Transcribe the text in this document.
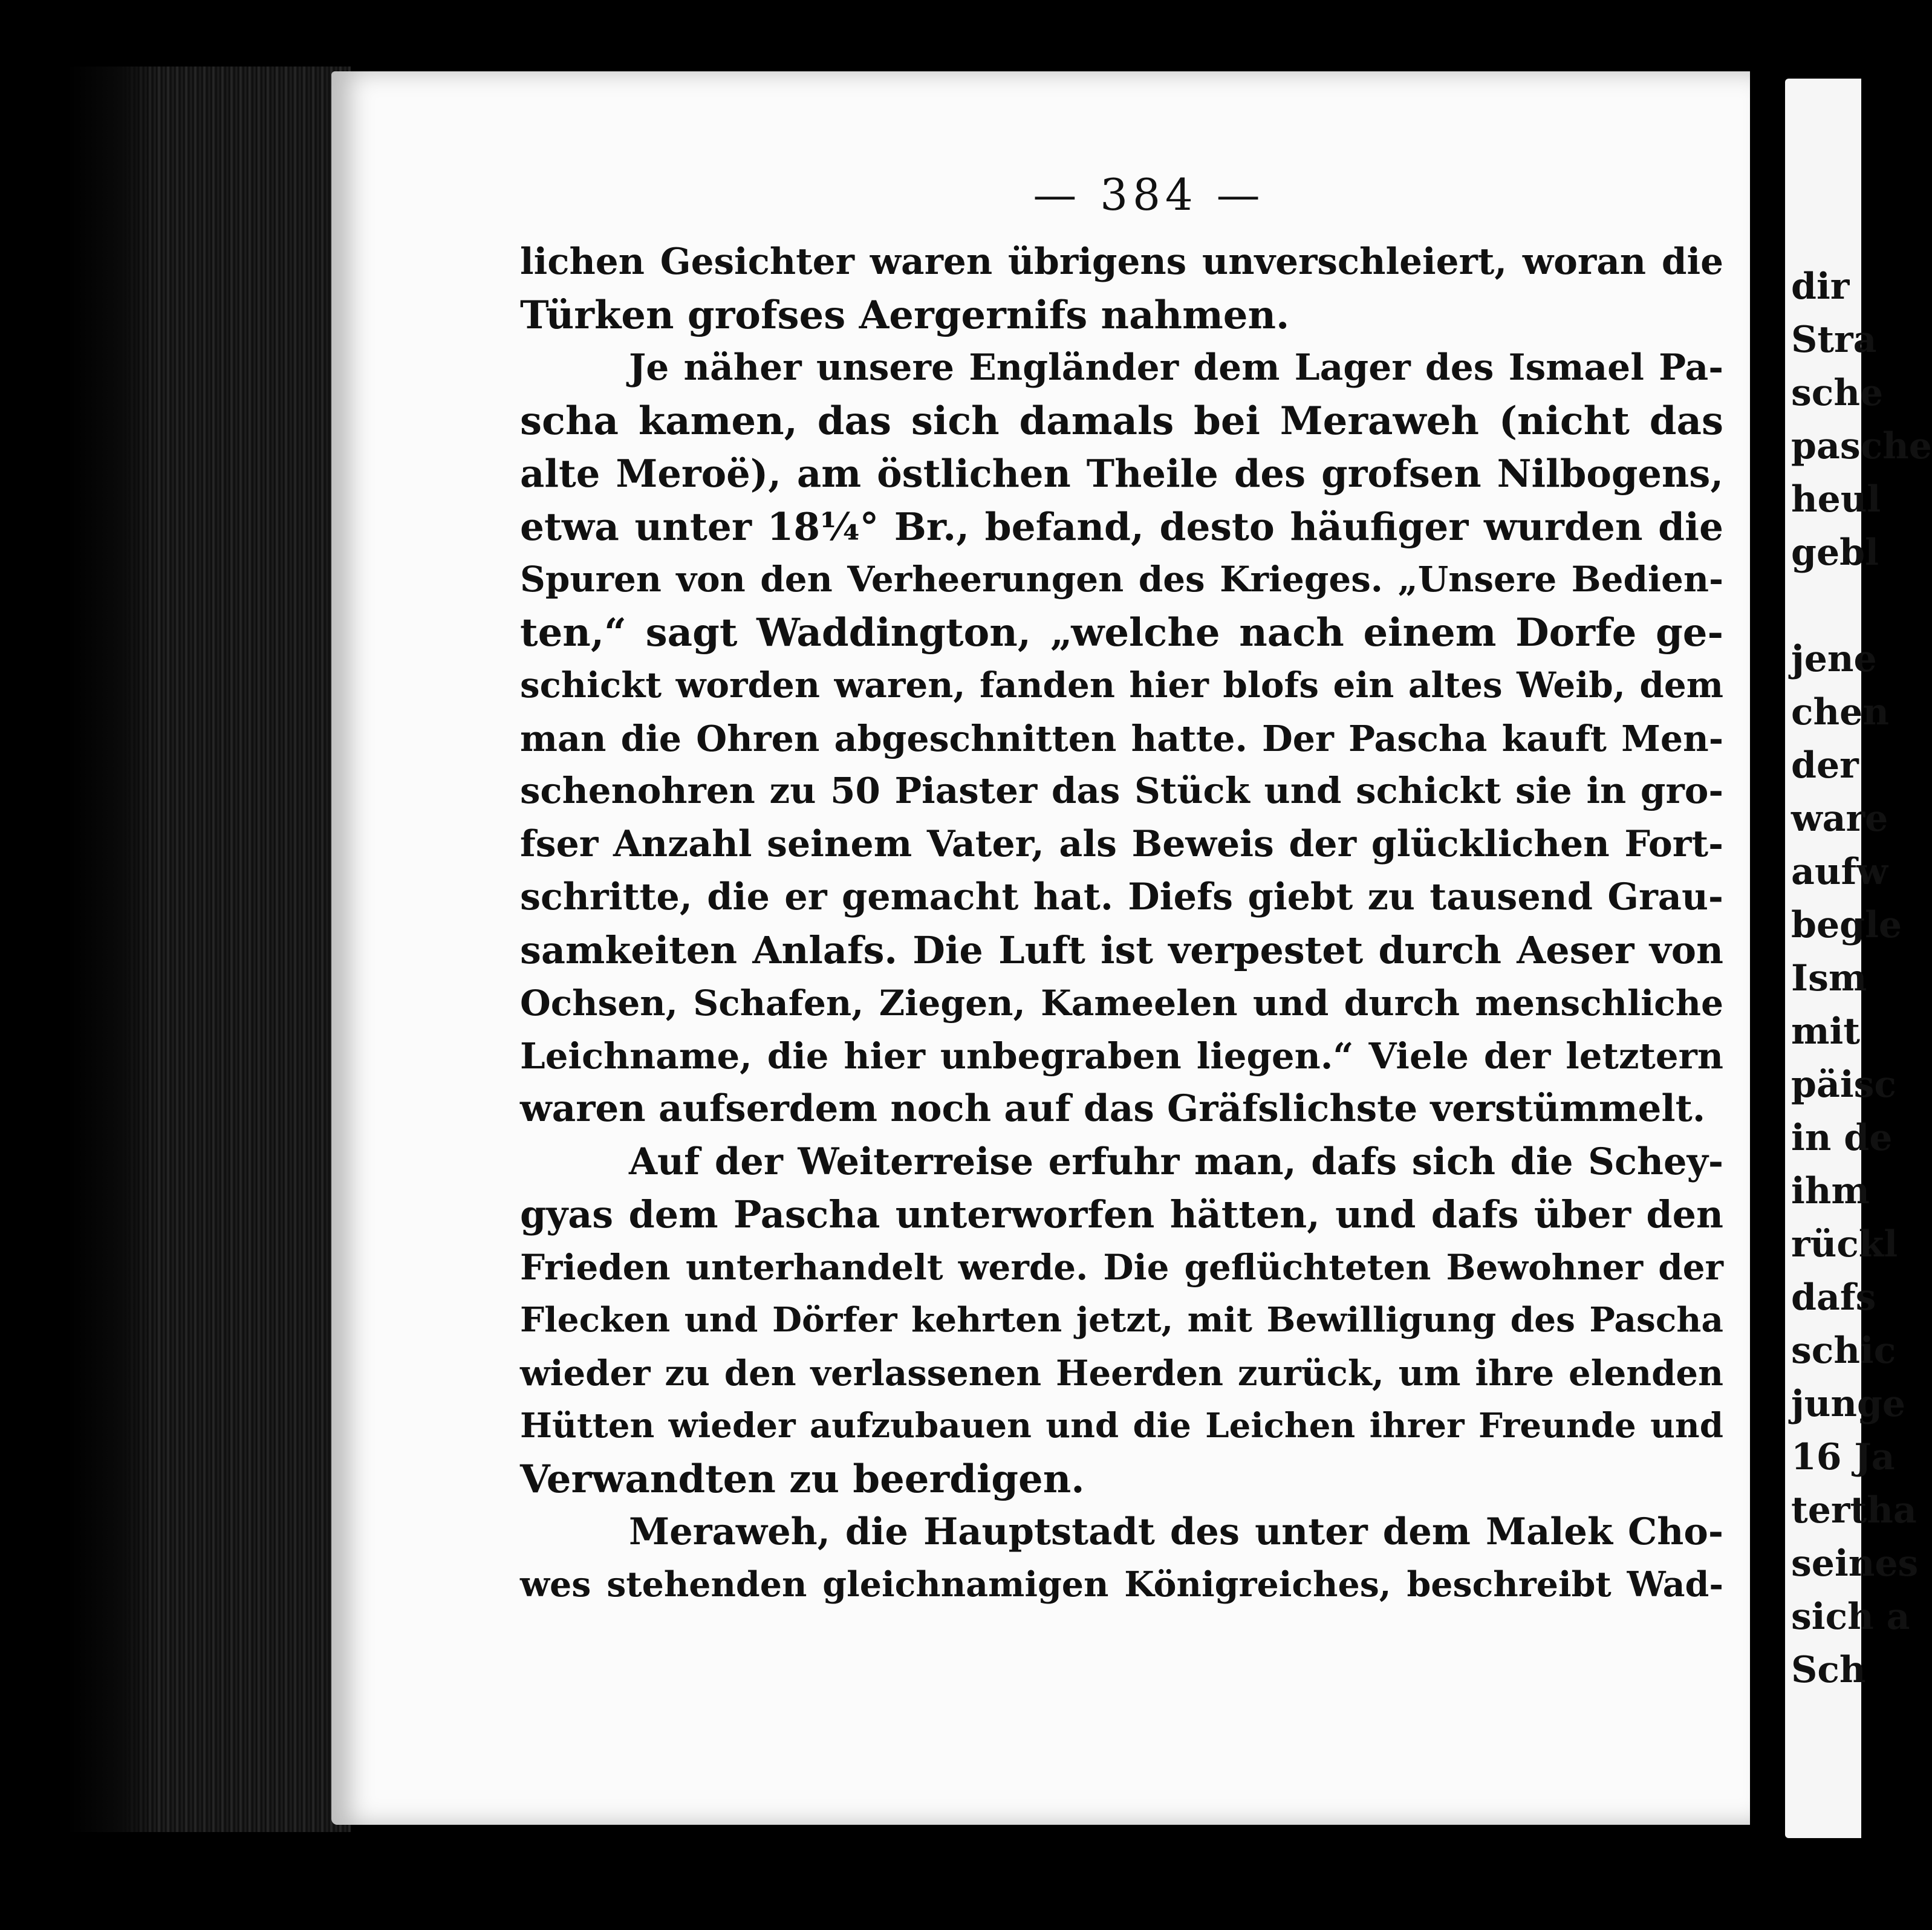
— 384 —
lichen Gesichter waren übrigens unverschleiert, woran die
Türken grofses Aergernifs nahmen.
Je näher unsere Engländer dem Lager des Ismael Pa-
scha kamen, das sich damals bei Meraweh (nicht das
alte Meroë), am östlichen Theile des grofsen Nilbogens,
etwa unter 18¼° Br., befand, desto häufiger wurden die
Spuren von den Verheerungen des Krieges. „Unsere Bedien-
ten,“ sagt Waddington, „welche nach einem Dorfe ge-
schickt worden waren, fanden hier blofs ein altes Weib, dem
man die Ohren abgeschnitten hatte. Der Pascha kauft Men-
schenohren zu 50 Piaster das Stück und schickt sie in gro-
fser Anzahl seinem Vater, als Beweis der glücklichen Fort-
schritte, die er gemacht hat. Diefs giebt zu tausend Grau-
samkeiten Anlafs. Die Luft ist verpestet durch Aeser von
Ochsen, Schafen, Ziegen, Kameelen und durch menschliche
Leichname, die hier unbegraben liegen.“ Viele der letztern
waren aufserdem noch auf das Gräfslichste verstümmelt.
Auf der Weiterreise erfuhr man, dafs sich die Schey-
gyas dem Pascha unterworfen hätten, und dafs über den
Frieden unterhandelt werde. Die geflüchteten Bewohner der
Flecken und Dörfer kehrten jetzt, mit Bewilligung des Pascha
wieder zu den verlassenen Heerden zurück, um ihre elenden
Hütten wieder aufzubauen und die Leichen ihrer Freunde und
Verwandten zu beerdigen.
Meraweh, die Hauptstadt des unter dem Malek Cho-
wes stehenden gleichnamigen Königreiches, beschreibt Wad-
dir
Stra
sche
pasche
heul
gebl
jene
chen
der
ware
aufw
begle
Ism
mit
päisc
in de
ihm
rückl
dafs
schic
junge
16 Ja
tertha
seines
sich a
Sch
